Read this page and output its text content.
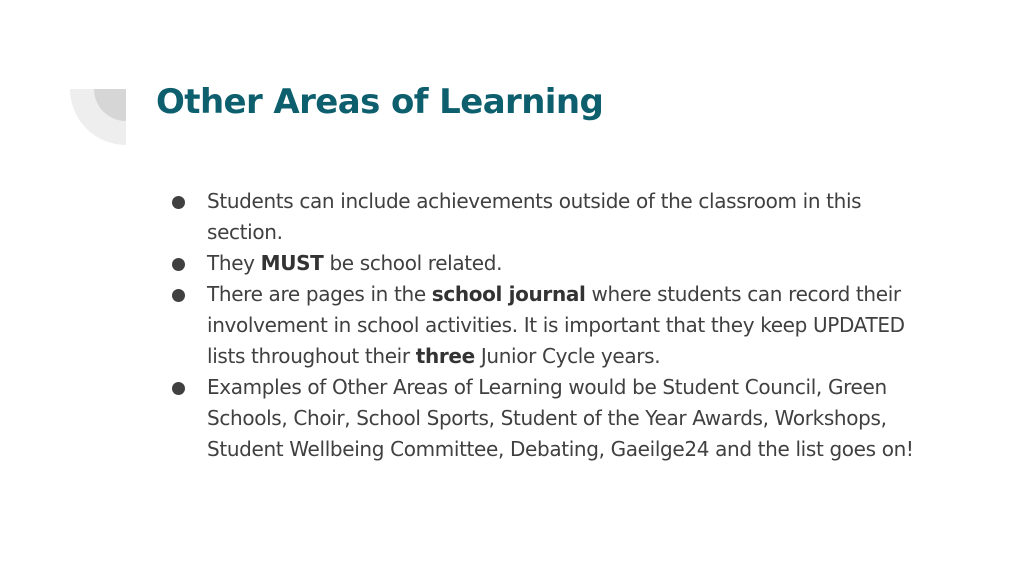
Other Areas of Learning
Students can include achievements outside of the classroom in this section.
They MUST be school related.
There are pages in the school journal where students can record their involvement in school activities. It is important that they keep UPDATED lists throughout their three Junior Cycle years.
Examples of Other Areas of Learning would be Student Council, Green Schools, Choir, School Sports, Student of the Year Awards, Workshops, Student Wellbeing Committee, Debating, Gaeilge24 and the list goes on!
